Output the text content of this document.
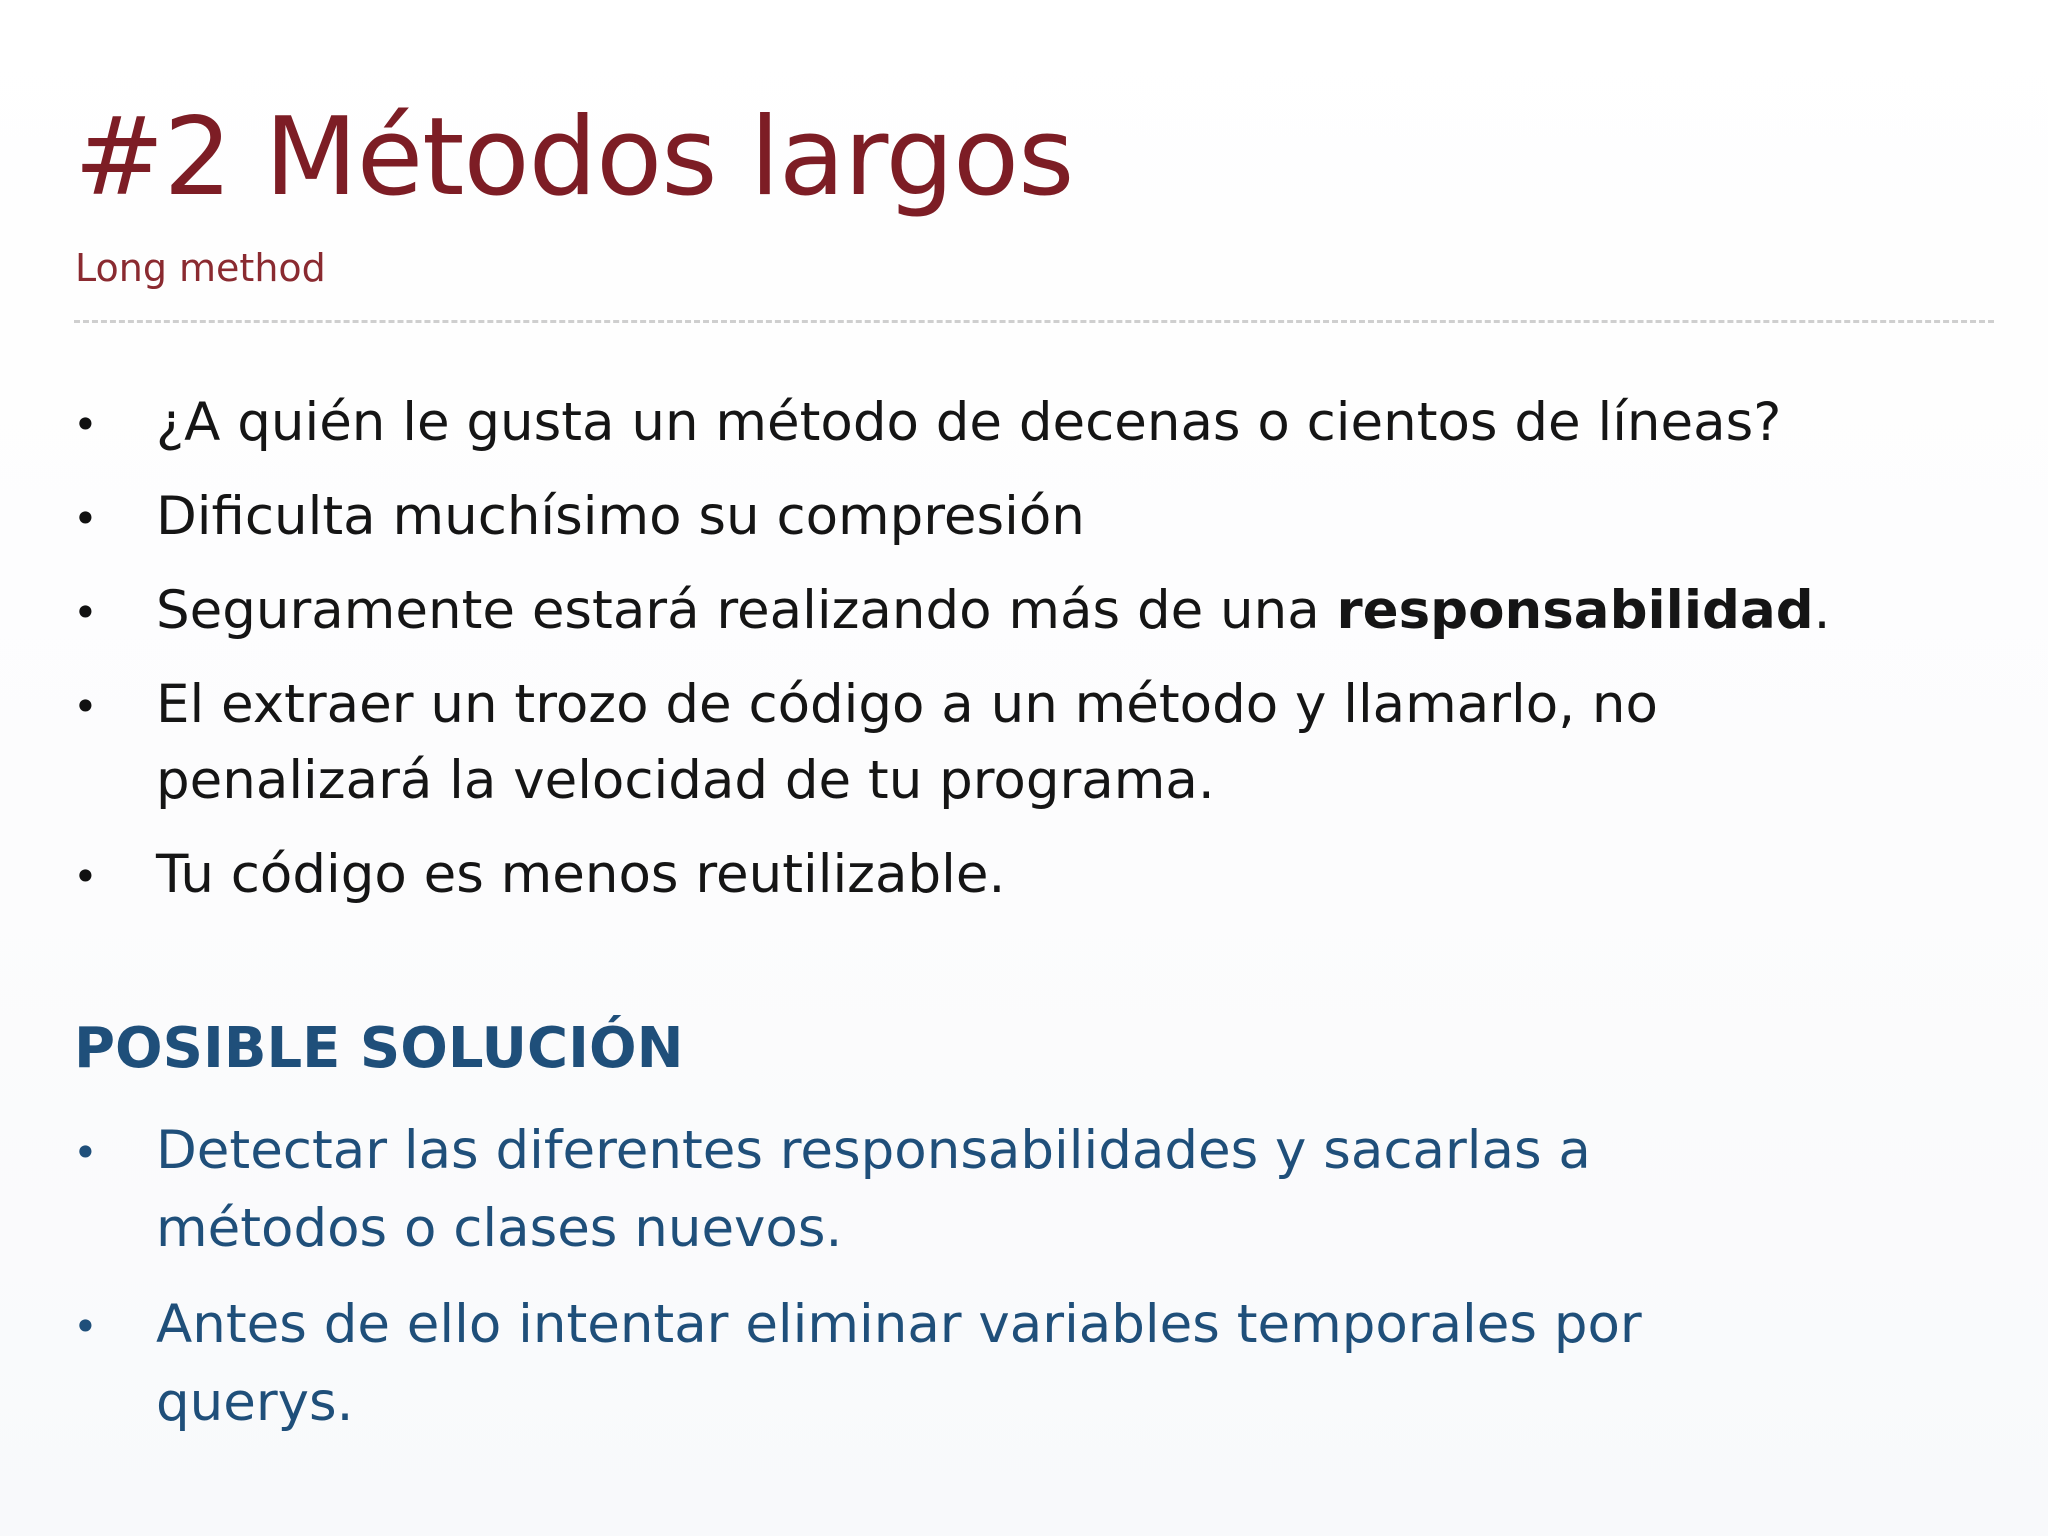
#2 Métodos largos
Long method
• ¿A quién le gusta un método de decenas o cientos de líneas?
• Dificulta muchísimo su compresión
• Seguramente estará realizando más de una responsabilidad.
• El extraer un trozo de código a un método y llamarlo, no
penalizará la velocidad de tu programa.
• Tu código es menos reutilizable.
POSIBLE SOLUCIÓN
• Detectar las diferentes responsabilidades y sacarlas a
métodos o clases nuevos.
• Antes de ello intentar eliminar variables temporales por
querys.
